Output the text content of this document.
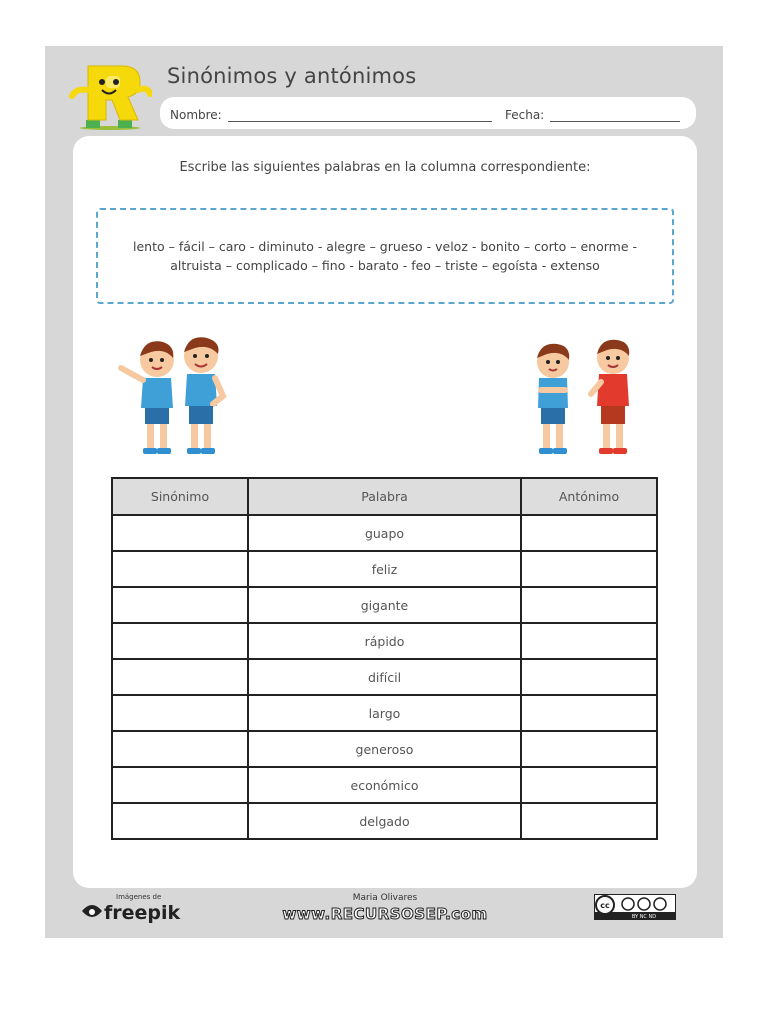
Sinónimos y antónimos
Nombre:	Fecha:
Escribe las siguientes palabras en la columna correspondiente:
lento – fácil – caro - diminuto - alegre – grueso - veloz - bonito – corto – enorme -
altruista – complicado – fino - barato - feo – triste – egoísta - extenso
Sinónimo	Palabra	Antónimo
	guapo	
	feliz	
	gigante	
	rápido	
	difícil	
	largo	
	generoso	
	económico	
	delgado	
Imágenes de
freepik
Maria Olivares
www.RECURSOSEP.com	cc
BY NC ND
